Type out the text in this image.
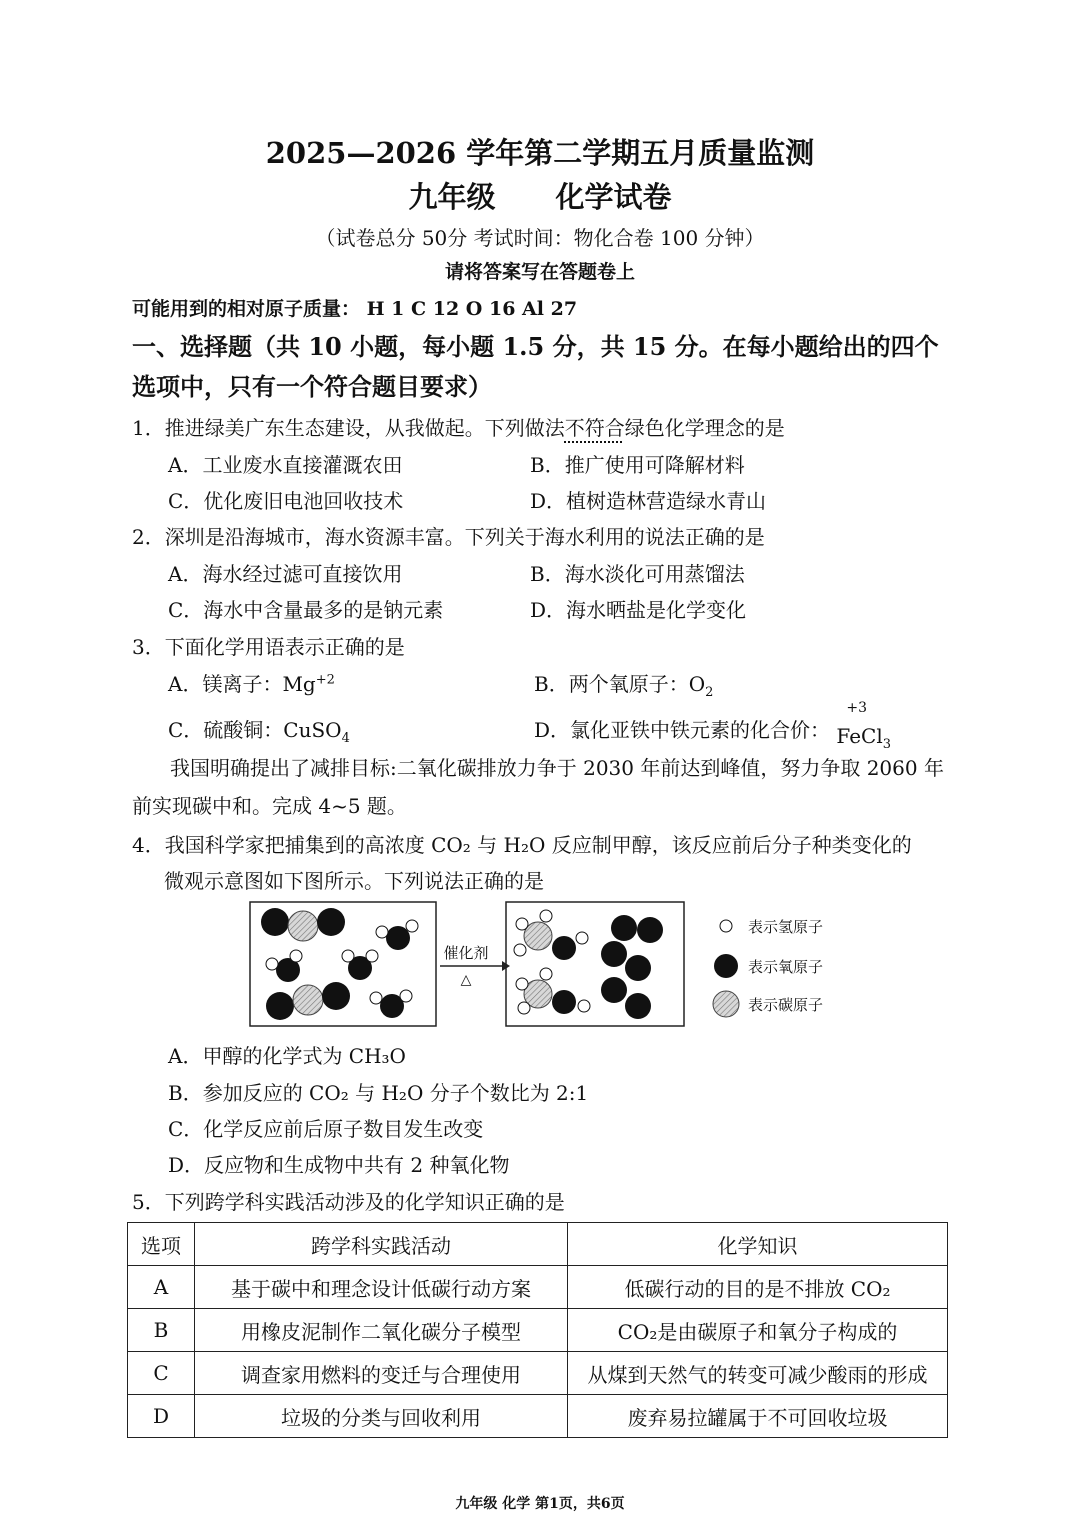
2025—2026 学年第二学期五月质量监测
九年级 化学试卷
（试卷总分 50分 考试时间：物化合卷 100 分钟）
请将答案写在答题卷上
可能用到的相对原子质量： H 1 C 12 O 16 Al 27
一、选择题（共 10 小题，每小题 1.5 分，共 15 分。在每小题给出的四个
选项中，只有一个符合题目要求）
1．推进绿美广东生态建设，从我做起。下列做法不符合绿色化学理念的是
A．工业废水直接灌溉农田	B．推广使用可降解材料
C．优化废旧电池回收技术	D．植树造林营造绿水青山
2．深圳是沿海城市，海水资源丰富。下列关于海水利用的说法正确的是
A．海水经过滤可直接饮用	B．海水淡化可用蒸馏法
C．海水中含量最多的是钠元素	D．海水晒盐是化学变化
3．下面化学用语表示正确的是
A．镁离子：$Mg^{+2}$	B．两个氧原子：$O_2$
C．硫酸铜：CuSO$_4$	D．氯化亚铁中铁元素的化合价：
+3
FeCl$_3$
我国明确提出了减排目标:二氧化碳排放力争于 2030 年前达到峰值，努力争取 2060 年前实现碳中和。完成 4~5 题。
4．我国科学家把捕集到的高浓度 CO₂ 与 H₂O 反应制甲醇，该反应前后分子种类变化的
微观示意图如下图所示。下列说法正确的是
催化剂
△
表示氢原子
表示氧原子
表示碳原子
A．甲醇的化学式为 CH₃O
B．参加反应的 CO₂ 与 H₂O 分子个数比为 2:1
C．化学反应前后原子数目发生改变
D．反应物和生成物中共有 2 种氧化物
5．下列跨学科实践活动涉及的化学知识正确的是
选项	跨学科实践活动	化学知识
A	基于碳中和理念设计低碳行动方案	低碳行动的目的是不排放 CO₂
B	用橡皮泥制作二氧化碳分子模型	CO₂是由碳原子和氧分子构成的
C	调查家用燃料的变迁与合理使用	从煤到天然气的转变可减少酸雨的形成
D	垃圾的分类与回收利用	废弃易拉罐属于不可回收垃圾
九年级 化学 第1页，共6页
